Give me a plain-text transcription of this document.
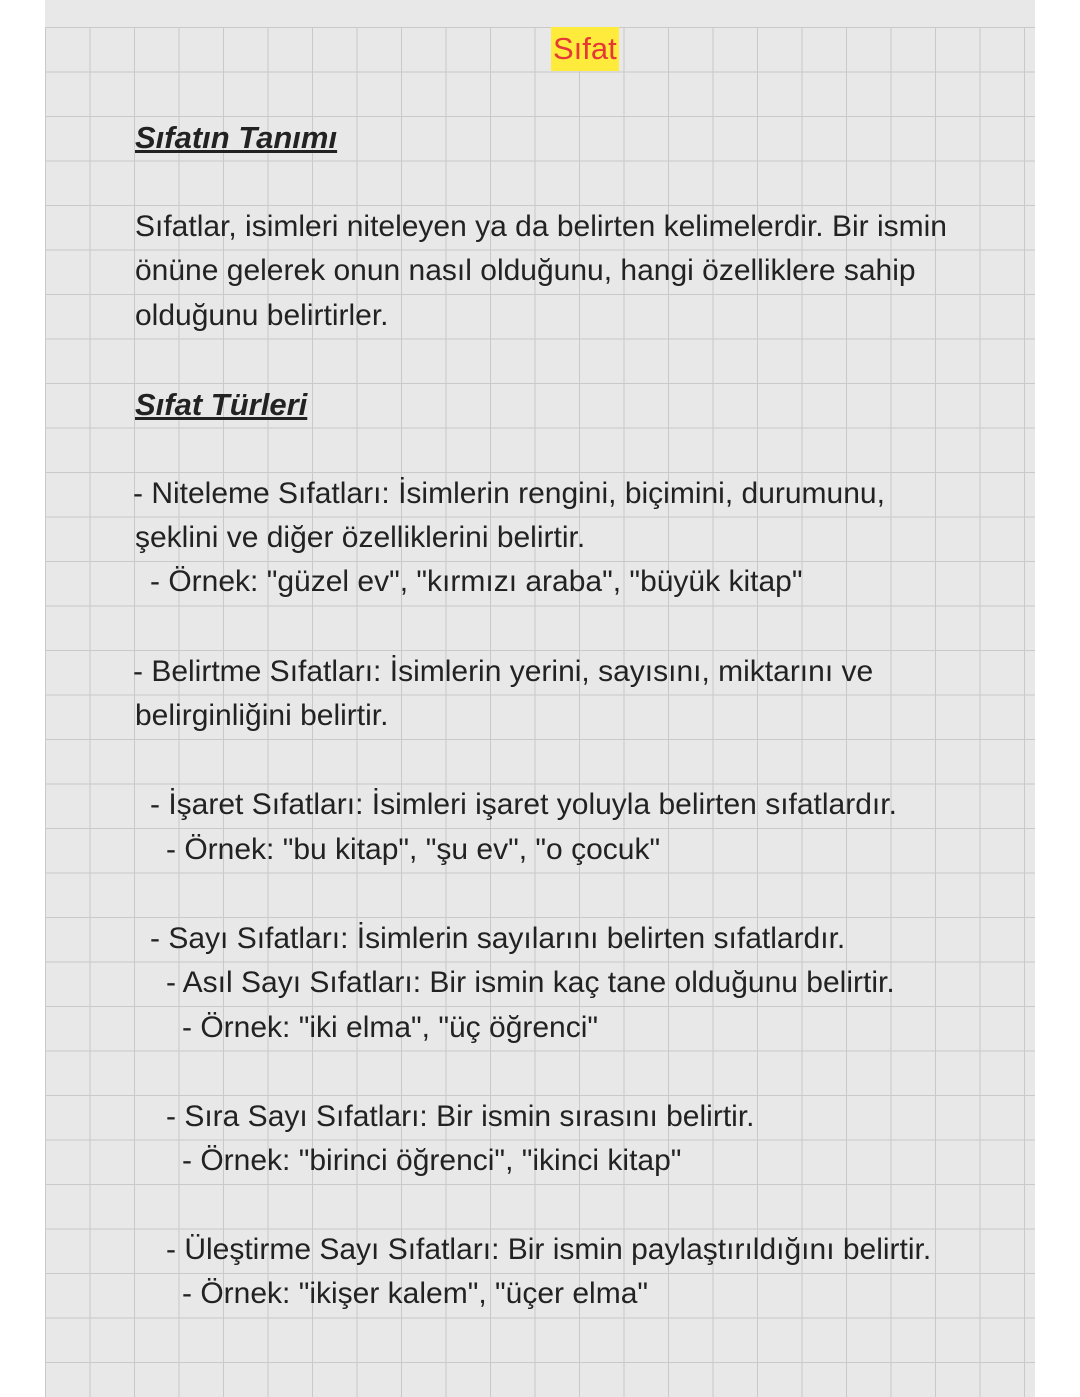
Sıfat
Sıfatın Tanımı
Sıfatlar, isimleri niteleyen ya da belirten kelimelerdir. Bir ismin
önüne gelerek onun nasıl olduğunu, hangi özelliklere sahip
olduğunu belirtirler.
Sıfat Türleri
- Niteleme Sıfatları: İsimlerin rengini, biçimini, durumunu,
şeklini ve diğer özelliklerini belirtir.
- Örnek: "güzel ev", "kırmızı araba", "büyük kitap"
- Belirtme Sıfatları: İsimlerin yerini, sayısını, miktarını ve
belirginliğini belirtir.
- İşaret Sıfatları: İsimleri işaret yoluyla belirten sıfatlardır.
- Örnek: "bu kitap", "şu ev", "o çocuk"
- Sayı Sıfatları: İsimlerin sayılarını belirten sıfatlardır.
- Asıl Sayı Sıfatları: Bir ismin kaç tane olduğunu belirtir.
- Örnek: "iki elma", "üç öğrenci"
- Sıra Sayı Sıfatları: Bir ismin sırasını belirtir.
- Örnek: "birinci öğrenci", "ikinci kitap"
- Üleştirme Sayı Sıfatları: Bir ismin paylaştırıldığını belirtir.
- Örnek: "ikişer kalem", "üçer elma"
